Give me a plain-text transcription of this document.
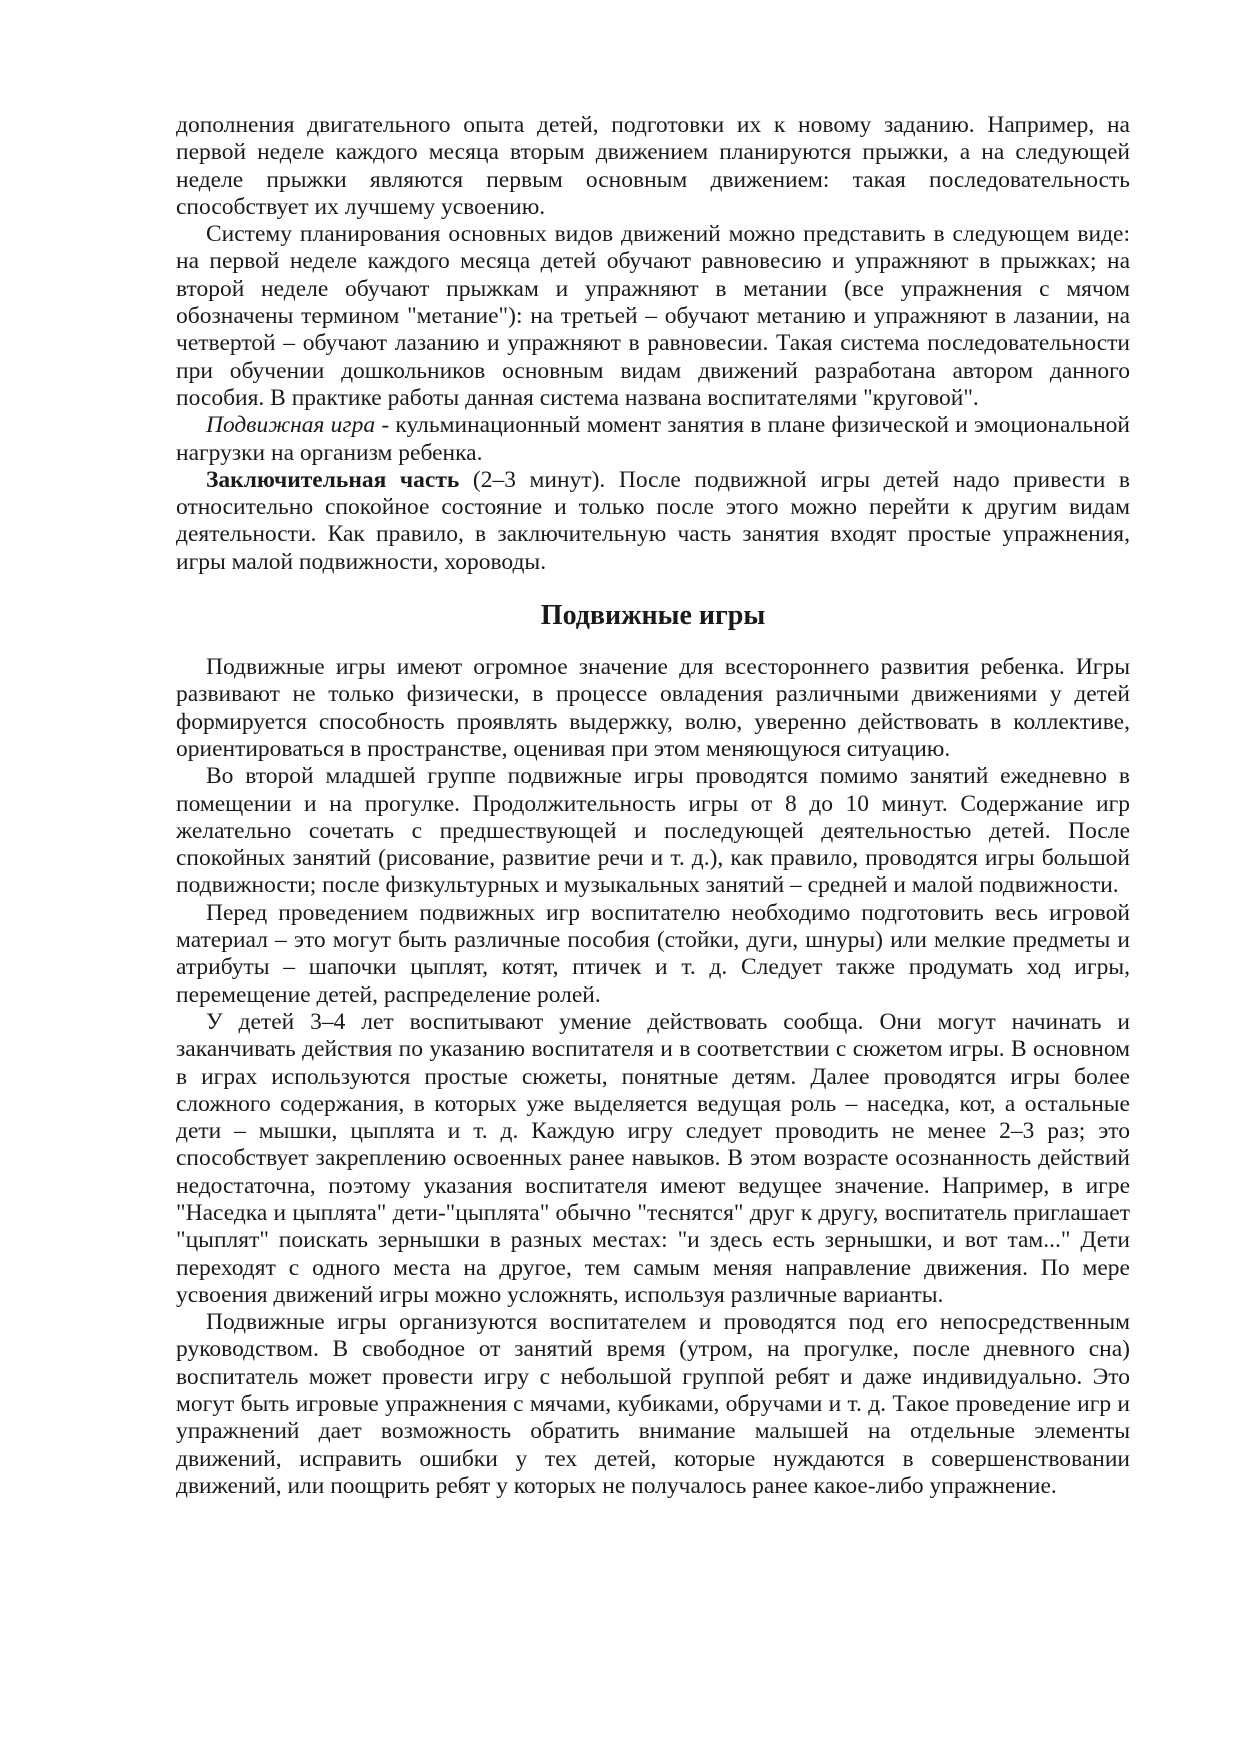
дополнения двигательного опыта детей, подготовки их к новому заданию. Например, на первой неделе каждого месяца вторым движением планируются прыжки, а на следующей неделе прыжки являются первым основным движением: такая последовательность способствует их лучшему усвоению.

Систему планирования основных видов движений можно представить в следующем виде: на первой неделе каждого месяца детей обучают равновесию и упражняют в прыжках; на второй неделе обучают прыжкам и упражняют в метании (все упражнения с мячом обозначены термином "метание"): на третьей – обучают метанию и упражняют в лазании, на четвертой – обучают лазанию и упражняют в равновесии. Такая система последовательности при обучении дошкольников основным видам движений разработана автором данного пособия. В практике работы данная система названа воспитателями "круговой".

Подвижная игра - кульминационный момент занятия в плане физической и эмоциональной нагрузки на организм ребенка.

Заключительная часть (2–3 минут). После подвижной игры детей надо привести в относительно спокойное состояние и только после этого можно перейти к другим видам деятельности. Как правило, в заключительную часть занятия входят простые упражнения, игры малой подвижности, хороводы.

Подвижные игры

Подвижные игры имеют огромное значение для всестороннего развития ребенка. Игры развивают не только физически, в процессе овладения различными движениями у детей формируется способность проявлять выдержку, волю, уверенно действовать в коллективе, ориентироваться в пространстве, оценивая при этом меняющуюся ситуацию.

Во второй младшей группе подвижные игры проводятся помимо занятий ежедневно в помещении и на прогулке. Продолжительность игры от 8 до 10 минут. Содержание игр желательно сочетать с предшествующей и последующей деятельностью детей. После спокойных занятий (рисование, развитие речи и т. д.), как правило, проводятся игры большой подвижности; после физкультурных и музыкальных занятий – средней и малой подвижности.

Перед проведением подвижных игр воспитателю необходимо подготовить весь игровой материал – это могут быть различные пособия (стойки, дуги, шнуры) или мелкие предметы и атрибуты – шапочки цыплят, котят, птичек и т. д. Следует также продумать ход игры, перемещение детей, распределение ролей.

У детей 3–4 лет воспитывают умение действовать сообща. Они могут начинать и заканчивать действия по указанию воспитателя и в соответствии с сюжетом игры. В основном в играх используются простые сюжеты, понятные детям. Далее проводятся игры более сложного содержания, в которых уже выделяется ведущая роль – наседка, кот, а остальные дети – мышки, цыплята и т. д. Каждую игру следует проводить не менее 2–3 раз; это способствует закреплению освоенных ранее навыков. В этом возрасте осознанность действий недостаточна, поэтому указания воспитателя имеют ведущее значение. Например, в игре "Наседка и цыплята" дети-"цыплята" обычно "теснятся" друг к другу, воспитатель приглашает "цыплят" поискать зернышки в разных местах: "и здесь есть зернышки, и вот там..." Дети переходят с одного места на другое, тем самым меняя направление движения. По мере усвоения движений игры можно усложнять, используя различные варианты.

Подвижные игры организуются воспитателем и проводятся под его непосредственным руководством. В свободное от занятий время (утром, на прогулке, после дневного сна) воспитатель может провести игру с небольшой группой ребят и даже индивидуально. Это могут быть игровые упражнения с мячами, кубиками, обручами и т. д. Такое проведение игр и упражнений дает возможность обратить внимание малышей на отдельные элементы движений, исправить ошибки у тех детей, которые нуждаются в совершенствовании движений, или поощрить ребят у которых не получалось ранее какое-либо упражнение.
